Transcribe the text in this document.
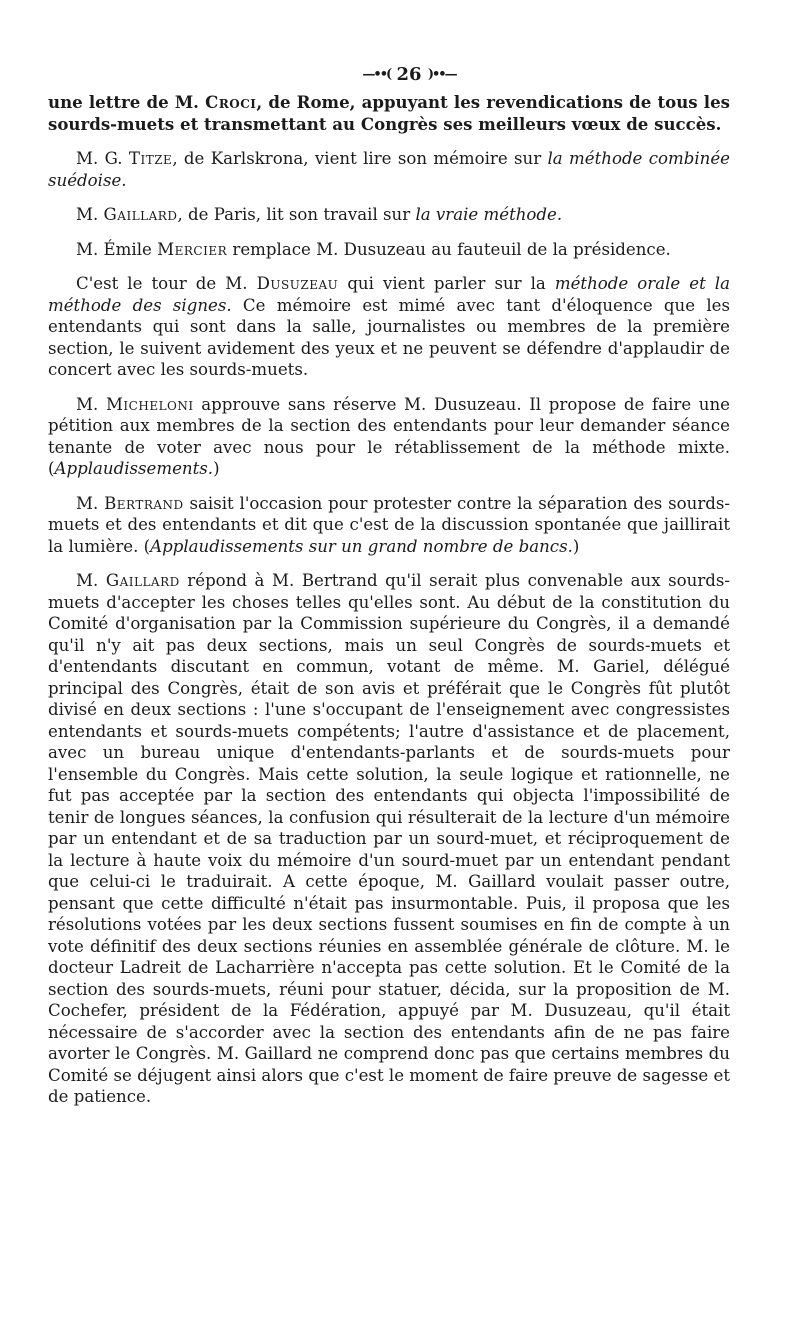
—••( 26 )••—

une lettre de M. Croci, de Rome, appuyant les revendications de tous les sourds-muets et transmettant au Congrès ses meilleurs vœux de succès.

M. G. Titze, de Karlskrona, vient lire son mémoire sur la méthode combinée suédoise.

M. Gaillard, de Paris, lit son travail sur la vraie méthode.

M. Émile Mercier remplace M. Dusuzeau au fauteuil de la présidence.

C'est le tour de M. Dusuzeau qui vient parler sur la méthode orale et la méthode des signes. Ce mémoire est mimé avec tant d'éloquence que les entendants qui sont dans la salle, journalistes ou membres de la première section, le suivent avidement des yeux et ne peuvent se défendre d'applaudir de concert avec les sourds-muets.

M. Micheloni approuve sans réserve M. Dusuzeau. Il propose de faire une pétition aux membres de la section des entendants pour leur demander séance tenante de voter avec nous pour le rétablissement de la méthode mixte. (Applaudissements.)

M. Bertrand saisit l'occasion pour protester contre la séparation des sourds-muets et des entendants et dit que c'est de la discussion spontanée que jaillirait la lumière. (Applaudissements sur un grand nombre de bancs.)

M. Gaillard répond à M. Bertrand qu'il serait plus convenable aux sourds-muets d'accepter les choses telles qu'elles sont. Au début de la constitution du Comité d'organisation par la Commission supérieure du Congrès, il a demandé qu'il n'y ait pas deux sections, mais un seul Congrès de sourds-muets et d'entendants discutant en commun, votant de même. M. Gariel, délégué principal des Congrès, était de son avis et préférait que le Congrès fût plutôt divisé en deux sections : l'une s'occupant de l'enseignement avec congressistes entendants et sourds-muets compétents; l'autre d'assistance et de placement, avec un bureau unique d'entendants-parlants et de sourds-muets pour l'ensemble du Congrès. Mais cette solution, la seule logique et rationnelle, ne fut pas acceptée par la section des entendants qui objecta l'impossibilité de tenir de longues séances, la confusion qui résulterait de la lecture d'un mémoire par un entendant et de sa traduction par un sourd-muet, et réciproquement de la lecture à haute voix du mémoire d'un sourd-muet par un entendant pendant que celui-ci le traduirait. A cette époque, M. Gaillard voulait passer outre, pensant que cette difficulté n'était pas insurmontable. Puis, il proposa que les résolutions votées par les deux sections fussent soumises en fin de compte à un vote définitif des deux sections réunies en assemblée générale de clôture. M. le docteur Ladreit de Lacharrière n'accepta pas cette solution. Et le Comité de la section des sourds-muets, réuni pour statuer, décida, sur la proposition de M. Cochefer, président de la Fédération, appuyé par M. Dusuzeau, qu'il était nécessaire de s'accorder avec la section des entendants afin de ne pas faire avorter le Congrès. M. Gaillard ne comprend donc pas que certains membres du Comité se déjugent ainsi alors que c'est le moment de faire preuve de sagesse et de patience.
